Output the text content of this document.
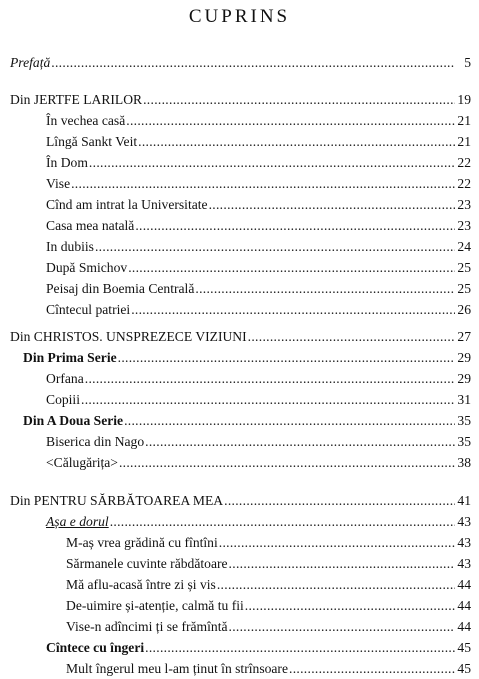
CUPRINS
Prefață .....	5
Din JERTFE LARILOR .....	19
În vechea casă .....	21
Lîngă Sankt Veit .....	21
În Dom .....	22
Vise .....	22
Cînd am intrat la Universitate .....	23
Casa mea natală .....	23
In dubiis .....	24
După Smichov .....	25
Peisaj din Boemia Centrală .....	25
Cîntecul patriei .....	26
Din CHRISTOS. UNSPREZECE VIZIUNI .....	27
Din Prima Serie .....	29
Orfana .....	29
Copiii .....	31
Din A Doua Serie .....	35
Biserica din Nago .....	35
<Călugărița> .....	38
Din PENTRU SĂRBĂTOAREA MEA .....	41
Așa e dorul .....	43
M-aș vrea grădină cu fîntîni .....	43
Sărmanele cuvinte răbdătoare .....	43
Mă aflu-acasă între zi și vis .....	44
De-uimire și-atenție, calmă tu fii .....	44
Vise-n adîncimi ți se frămîntă .....	44
Cîntece cu îngeri .....	45
Mult îngerul meu l-am ținut în strînsoare .....	45
